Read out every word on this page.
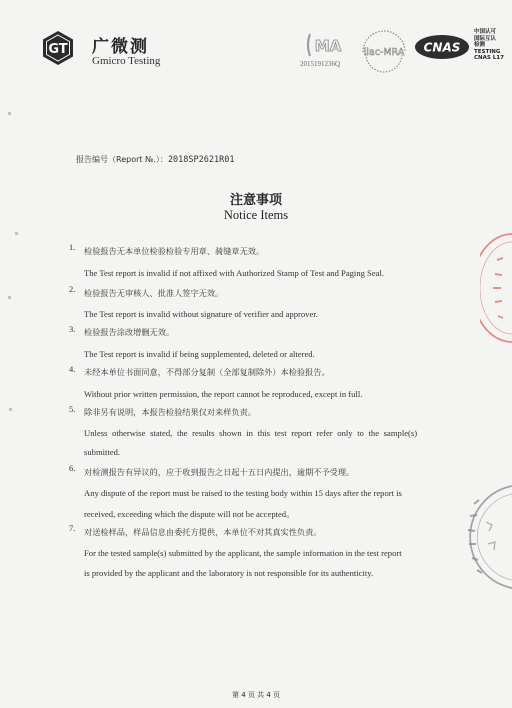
GT 广微测
Gmicro Testing
MA
2015191236Q
ilac-MRA CNAS
中国认可
国际互认
检测
TESTING
CNAS L17
报告编号（Report №.）：2018SP2621R01
注意事项
Notice Items
1. 检验报告无本单位检验检验专用章、骑缝章无效。
The Test report is invalid if not affixed with Authorized Stamp of Test and Paging Seal.
2. 检验报告无审核人、批准人签字无效。
The Test report is invalid without signature of verifier and approver.
3. 检验报告涂改增删无效。
The Test report is invalid if being supplemented, deleted or altered.
4. 未经本单位书面同意，不得部分复制（全部复制除外）本检验报告。
Without prior written permission, the report cannot be reproduced, except in full.
5. 除非另有说明，本报告检验结果仅对来样负责。
Unless otherwise stated, the results shown in this test report refer only to the sample(s)
submitted.
6. 对检测报告有异议的，应于收到报告之日起十五日内提出，逾期不予受理。
Any dispute of the report must be raised to the testing body within 15 days after the report is
received, exceeding which the dispute will not be accepted。
7. 对送检样品，样品信息由委托方提供，本单位不对其真实性负责。
For the tested sample(s) submitted by the applicant, the sample information in the test report
is provided by the applicant and the laboratory is not responsible for its authenticity.
第 4 页 共 4 页
